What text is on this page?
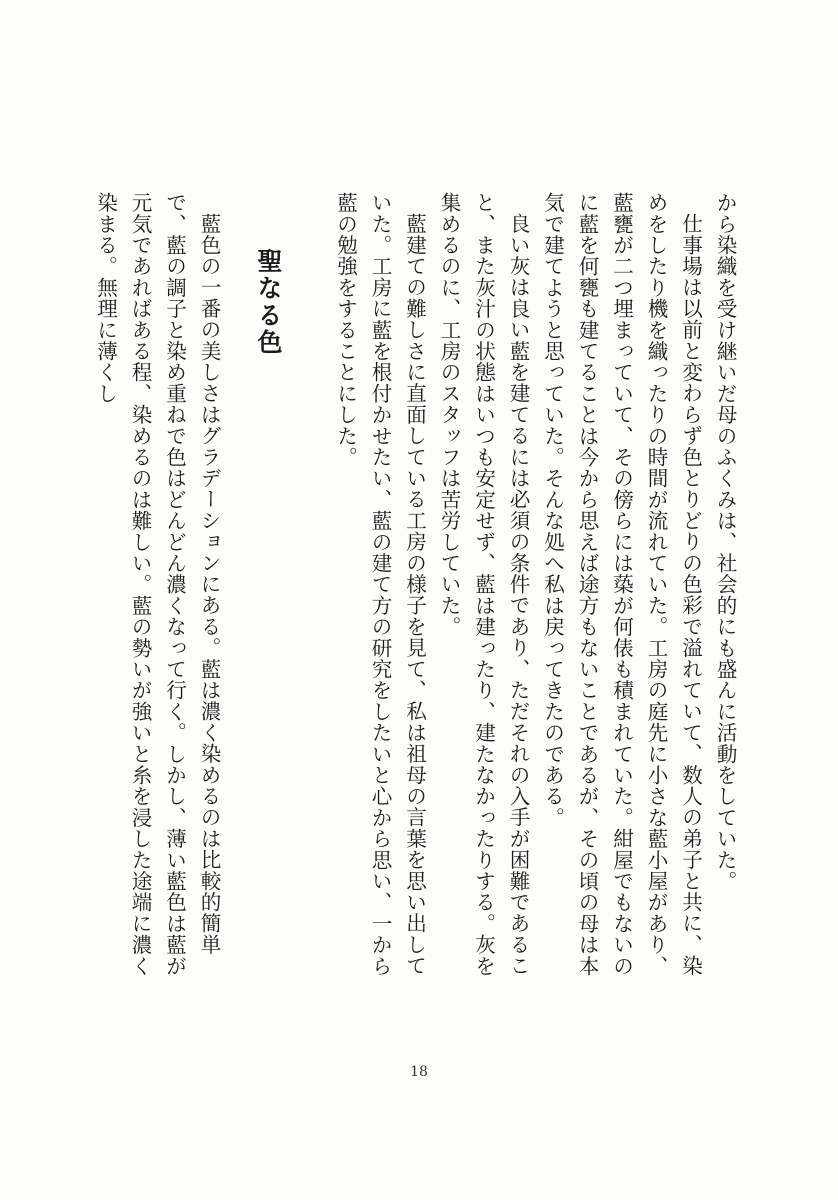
から染織を受け継いだ母のふくみは、社会的にも盛んに活動をしていた。

仕事場は以前と変わらず色とりどりの色彩で溢れていて、数人の弟子と共に、染めをしたり機を織ったりの時間が流れていた。工房の庭先に小さな藍小屋があり、藍甕が二つ埋まっていて、その傍らには蒅が何俵も積まれていた。紺屋でもないのに藍を何甕も建てることは今から思えば途方もないことであるが、その頃の母は本気で建てようと思っていた。そんな処へ私は戻ってきたのである。

良い灰は良い藍を建てるには必須の条件であり、ただそれの入手が困難であること、また灰汁の状態はいつも安定せず、藍は建ったり、建たなかったりする。灰を集めるのに、工房のスタッフは苦労していた。

藍建ての難しさに直面している工房の様子を見て、私は祖母の言葉を思い出していた。工房に藍を根付かせたい、藍の建て方の研究をしたいと心から思い、一から藍の勉強をすることにした。

聖なる色

藍色の一番の美しさはグラデーションにある。藍は濃く染めるのは比較的簡単で、藍の調子と染め重ねで色はどんどん濃くなって行く。しかし、薄い藍色は藍が元気であればある程、染めるのは難しい。藍の勢いが強いと糸を浸した途端に濃く染まる。無理に薄くし

18
